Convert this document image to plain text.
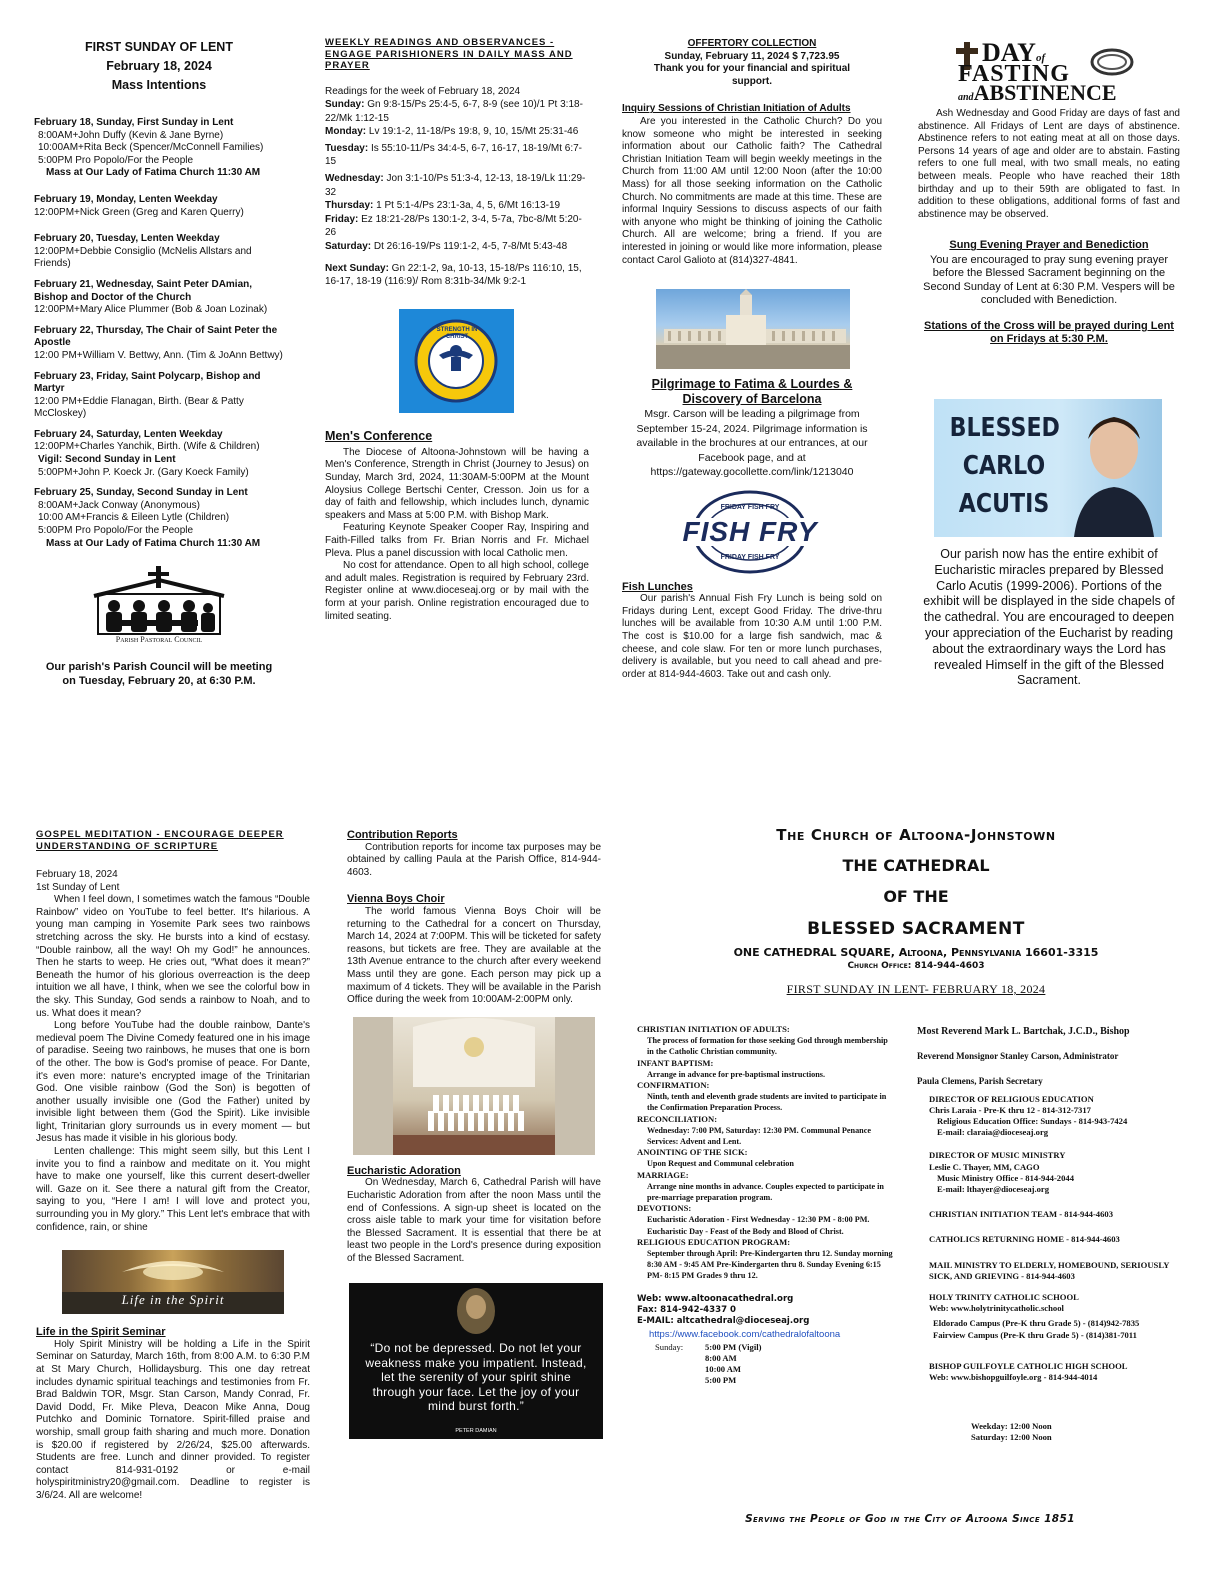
FIRST SUNDAY OF LENT
February 18, 2024
Mass Intentions
February 18, Sunday, First Sunday in Lent
8:00AM+John Duffy (Kevin & Jane Byrne)
10:00AM+Rita Beck (Spencer/McConnell Families)
5:00PM Pro Popolo/For the People
Mass at Our Lady of Fatima Church 11:30 AM
February 19, Monday, Lenten Weekday
12:00PM+Nick Green (Greg and Karen Querry)
February 20, Tuesday, Lenten Weekday
12:00PM+Debbie Consiglio (McNelis Allstars and Friends)
February 21, Wednesday, Saint Peter DAmian, Bishop and Doctor of the Church
12:00PM+Mary Alice Plummer (Bob & Joan Lozinak)
February 22, Thursday, The Chair of Saint Peter the Apostle
12:00 PM+William V. Bettwy, Ann. (Tim & JoAnn Bettwy)
February 23, Friday, Saint Polycarp, Bishop and Martyr
12:00 PM+Eddie Flanagan, Birth. (Bear & Patty McCloskey)
February 24, Saturday, Lenten Weekday
12:00PM+Charles Yanchik, Birth. (Wife & Children)
Vigil: Second Sunday in Lent
5:00PM+John P. Koeck Jr. (Gary Koeck Family)
February 25, Sunday, Second Sunday in Lent
8:00AM+Jack Conway (Anonymous)
10:00 AM+Francis & Eileen Lytle (Children)
5:00PM Pro Popolo/For the People
Mass at Our Lady of Fatima Church 11:30 AM
Parish Pastoral Council
Our parish's Parish Council will be meeting on Tuesday, February 20, at 6:30 P.M.
WEEKLY READINGS AND OBSERVANCES - ENGAGE PARISHIONERS IN DAILY MASS AND PRAYER
Readings for the week of February 18, 2024
Sunday: Gn 9:8-15/Ps 25:4-5, 6-7, 8-9 (see 10)/1 Pt 3:18-22/Mk 1:12-15
Monday: Lv 19:1-2, 11-18/Ps 19:8, 9, 10, 15/Mt 25:31-46
Tuesday: Is 55:10-11/Ps 34:4-5, 6-7, 16-17, 18-19/Mt 6:7-15
Wednesday: Jon 3:1-10/Ps 51:3-4, 12-13, 18-19/Lk 11:29-32
Thursday: 1 Pt 5:1-4/Ps 23:1-3a, 4, 5, 6/Mt 16:13-19
Friday: Ez 18:21-28/Ps 130:1-2, 3-4, 5-7a, 7bc-8/Mt 5:20-26
Saturday: Dt 26:16-19/Ps 119:1-2, 4-5, 7-8/Mt 5:43-48
Next Sunday: Gn 22:1-2, 9a, 10-13, 15-18/Ps 116:10, 15, 16-17, 18-19 (116:9)/ Rom 8:31b-34/Mk 9:2-1
STRENGTH IN CHRIST
Men's Conference

The Diocese of Altoona-Johnstown will be having a Men's Conference, Strength in Christ (Journey to Jesus) on Sunday, March 3rd, 2024, 11:30AM-5:00PM at the Mount Aloysius College Bertschi Center, Cresson. Join us for a day of faith and fellowship, which includes lunch, dynamic speakers and Mass at 5:00 P.M. with Bishop Mark.

Featuring Keynote Speaker Cooper Ray, Inspiring and Faith-Filled talks from Fr. Brian Norris and Fr. Michael Pleva. Plus a panel discussion with local Catholic men.

No cost for attendance. Open to all high school, college and adult males. Registration is required by February 23rd. Register online at www.dioceseaj.org or by mail with the form at your parish. Online registration encouraged due to limited seating.

OFFERTORY COLLECTION
Sunday, February 11, 2024 $ 7,723.95
Thank you for your financial and spiritual support.
Inquiry Sessions of Christian Initiation of Adults

Are you interested in the Catholic Church? Do you know someone who might be interested in seeking information about our Catholic faith? The Cathedral Christian Initiation Team will begin weekly meetings in the Church from 11:00 AM until 12:00 Noon (after the 10:00 Mass) for all those seeking information on the Catholic Church. No commitments are made at this time. These are informal Inquiry Sessions to discuss aspects of our faith with anyone who might be thinking of joining the Catholic Church. All are welcome; bring a friend. If you are interested in joining or would like more information, please contact Carol Galioto at (814)327-4841.

Pilgrimage to Fatima & Lourdes & Discovery of Barcelona
Msgr. Carson will be leading a pilgrimage from September 15-24, 2024. Pilgrimage information is available in the brochures at our entrances, at our Facebook page, and at https://gateway.gocollette.com/link/1213040
FRIDAY FISH FRY
FISH FRY
FRIDAY FISH FRY
Fish Lunches

Our parish's Annual Fish Fry Lunch is being sold on Fridays during Lent, except Good Friday. The drive-thru lunches will be available from 10:30 A.M until 1:00 P.M. The cost is $10.00 for a large fish sandwich, mac & cheese, and cole slaw. For ten or more lunch purchases, delivery is available, but you need to call ahead and pre-order at 814-944-4603. Take out and cash only.

DAYof
FASTING
andABSTINENCE

Ash Wednesday and Good Friday are days of fast and abstinence. All Fridays of Lent are days of abstinence. Abstinence refers to not eating meat at all on those days. Persons 14 years of age and older are to abstain. Fasting refers to one full meal, with two small meals, no eating between meals. People who have reached their 18th birthday and up to their 59th are obligated to fast. In addition to these obligations, additional forms of fast and abstinence may be observed.

Sung Evening Prayer and Benediction
You are encouraged to pray sung evening prayer before the Blessed Sacrament beginning on the Second Sunday of Lent at 6:30 P.M. Vespers will be concluded with Benediction.
Stations of the Cross will be prayed during Lent on Fridays at 5:30 P.M.
BLESSED
CARLO
ACUTIS
Our parish now has the entire exhibit of Eucharistic miracles prepared by Blessed Carlo Acutis (1999-2006). Portions of the exhibit will be displayed in the side chapels of the cathedral. You are encouraged to deepen your appreciation of the Eucharist by reading about the extraordinary ways the Lord has revealed Himself in the gift of the Blessed Sacrament.
GOSPEL MEDITATION - ENCOURAGE DEEPER UNDERSTANDING OF SCRIPTURE
February 18, 2024
1st Sunday of Lent

When I feel down, I sometimes watch the famous “Double Rainbow” video on YouTube to feel better. It's hilarious. A young man camping in Yosemite Park sees two rainbows stretching across the sky. He bursts into a kind of ecstasy. “Double rainbow, all the way! Oh my God!” he announces. Then he starts to weep. He cries out, “What does it mean?” Beneath the humor of his glorious overreaction is the deep intuition we all have, I think, when we see the colorful bow in the sky. This Sunday, God sends a rainbow to Noah, and to us. What does it mean?

Long before YouTube had the double rainbow, Dante's medieval poem The Divine Comedy featured one in his image of paradise. Seeing two rainbows, he muses that one is born of the other. The bow is God's promise of peace. For Dante, it's even more: nature's encrypted image of the Trinitarian God. One visible rainbow (God the Son) is begotten of another usually invisible one (God the Father) united by invisible light between them (God the Spirit). Like invisible light, Trinitarian glory surrounds us in every moment — but Jesus has made it visible in his glorious body.

Lenten challenge: This might seem silly, but this Lent I invite you to find a rainbow and meditate on it. You might have to make one yourself, like this current desert-dweller will. Gaze on it. See there a natural gift from the Creator, saying to you, “Here I am! I will love and protect you, surrounding you in My glory.” This Lent let's embrace that with confidence, rain, or shine

Life in the Spirit
Life in the Spirit Seminar

Holy Spirit Ministry will be holding a Life in the Spirit Seminar on Saturday, March 16th, from 8:00 A.M. to 6:30 P.M at St Mary Church, Hollidaysburg. This one day retreat includes dynamic spiritual teachings and testimonies from Fr. Brad Baldwin TOR, Msgr. Stan Carson, Mandy Conrad, Fr. David Dodd, Fr. Mike Pleva, Deacon Mike Anna, Doug Putchko and Dominic Tornatore. Spirit-filled praise and worship, small group faith sharing and much more. Donation is $20.00 if registered by 2/26/24, $25.00 afterwards. Students are free. Lunch and dinner provided. To register contact 814-931-0192 or e-mail holyspiritministry20@gmail.com. Deadline to register is 3/6/24. All are welcome!

Contribution Reports

Contribution reports for income tax purposes may be obtained by calling Paula at the Parish Office, 814-944-4603.

Vienna Boys Choir

The world famous Vienna Boys Choir will be returning to the Cathedral for a concert on Thursday, March 14, 2024 at 7:00PM. This will be ticketed for safety reasons, but tickets are free. They are available at the 13th Avenue entrance to the church after every weekend Mass until they are gone. Each person may pick up a maximum of 4 tickets. They will be available in the Parish Office during the week from 10:00AM-2:00PM only.

Eucharistic Adoration

On Wednesday, March 6, Cathedral Parish will have Eucharistic Adoration from after the noon Mass until the end of Confessions. A sign-up sheet is located on the cross aisle table to mark your time for visitation before the Blessed Sacrament. It is essential that there be at least two people in the Lord's presence during exposition of the Blessed Sacrament.

“Do not be depressed. Do not let your weakness make you impatient. Instead, let the serenity of your spirit shine through your face. Let the joy of your mind burst forth.”
PETER DAMIAN
The Church of Altoona-Johnstown
THE CATHEDRAL
OF THE
BLESSED SACRAMENT
ONE CATHEDRAL SQUARE, Altoona, Pennsylvania 16601-3315
Church Office: 814-944-4603
FIRST SUNDAY IN LENT- FEBRUARY 18, 2024
CHRISTIAN INITIATION OF ADULTS:
The process of formation for those seeking God through membership in the Catholic Christian community.
INFANT BAPTISM:
Arrange in advance for pre-baptismal instructions.
CONFIRMATION:
Ninth, tenth and eleventh grade students are invited to participate in the Confirmation Preparation Process.
RECONCILIATION:
Wednesday: 7:00 PM, Saturday: 12:30 PM. Communal Penance Services: Advent and Lent.
ANOINTING OF THE SICK:
Upon Request and Communal celebration
MARRIAGE:
Arrange nine months in advance. Couples expected to participate in pre-marriage preparation program.
DEVOTIONS:
Eucharistic Adoration - First Wednesday - 12:30 PM - 8:00 PM. Eucharistic Day - Feast of the Body and Blood of Christ.
RELIGIOUS EDUCATION PROGRAM:
September through April: Pre-Kindergarten thru 12. Sunday morning 8:30 AM - 9:45 AM Pre-Kindergarten thru 8. Sunday Evening 6:15 PM- 8:15 PM Grades 9 thru 12.
Web: www.altoonacathedral.org
Fax: 814-942-4337 0
E-MAIL: altcathedral@dioceseaj.org
https://www.facebook.com/cathedralofaltoona
Sunday:	5:00 PM (Vigil)
8:00 AM
10:00 AM
5:00 PM
Most Reverend Mark L. Bartchak, J.C.D., Bishop
Reverend Monsignor Stanley Carson, Administrator
Paula Clemens, Parish Secretary
DIRECTOR OF RELIGIOUS EDUCATION
Chris Laraia - Pre-K thru 12 - 814-312-7317
Religious Education Office: Sundays - 814-943-7424
E-mail: claraia@dioceseaj.org
DIRECTOR OF MUSIC MINISTRY
Leslie C. Thayer, MM, CAGO
Music Ministry Office - 814-944-2044
E-mail: lthayer@dioceseaj.org
CHRISTIAN INITIATION TEAM - 814-944-4603
CATHOLICS RETURNING HOME - 814-944-4603
MAIL MINISTRY TO ELDERLY, HOMEBOUND, SERIOUSLY SICK, AND GRIEVING - 814-944-4603
HOLY TRINITY CATHOLIC SCHOOL
Web: www.holytrinitycatholic.school
Eldorado Campus (Pre-K thru Grade 5) - (814)942-7835
Fairview Campus (Pre-K thru Grade 5) - (814)381-7011
BISHOP GUILFOYLE CATHOLIC HIGH SCHOOL
Web: www.bishopguilfoyle.org - 814-944-4014
Weekday: 12:00 Noon
Saturday: 12:00 Noon
Serving the People of God in the City of Altoona Since 1851
